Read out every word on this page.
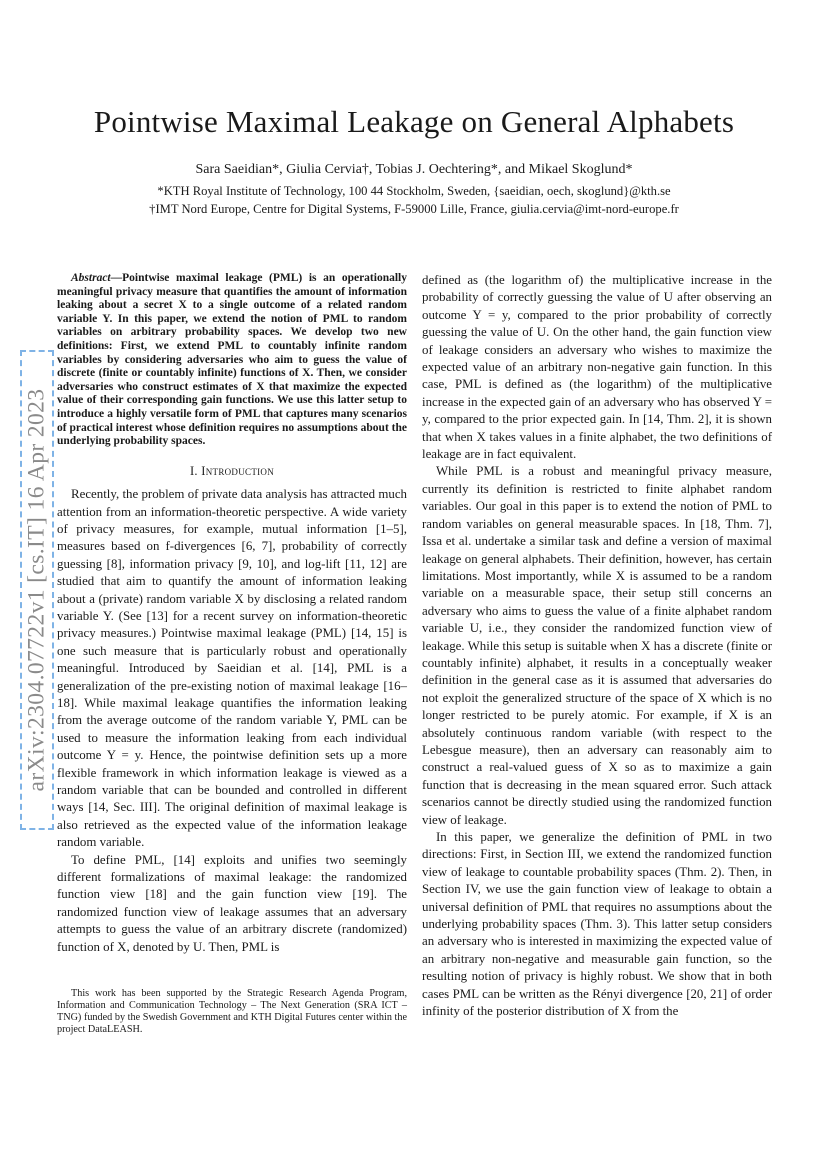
Pointwise Maximal Leakage on General Alphabets
Sara Saeidian*, Giulia Cervia†, Tobias J. Oechtering*, and Mikael Skoglund*
*KTH Royal Institute of Technology, 100 44 Stockholm, Sweden, {saeidian, oech, skoglund}@kth.se
†IMT Nord Europe, Centre for Digital Systems, F-59000 Lille, France, giulia.cervia@imt-nord-europe.fr
arXiv:2304.07722v1 [cs.IT] 16 Apr 2023
Abstract—Pointwise maximal leakage (PML) is an operationally meaningful privacy measure that quantifies the amount of information leaking about a secret X to a single outcome of a related random variable Y. In this paper, we extend the notion of PML to random variables on arbitrary probability spaces. We develop two new definitions: First, we extend PML to countably infinite random variables by considering adversaries who aim to guess the value of discrete (finite or countably infinite) functions of X. Then, we consider adversaries who construct estimates of X that maximize the expected value of their corresponding gain functions. We use this latter setup to introduce a highly versatile form of PML that captures many scenarios of practical interest whose definition requires no assumptions about the underlying probability spaces.
I. Introduction

Recently, the problem of private data analysis has attracted much attention from an information-theoretic perspective. A wide variety of privacy measures, for example, mutual information [1–5], measures based on f-divergences [6, 7], probability of correctly guessing [8], information privacy [9, 10], and log-lift [11, 12] are studied that aim to quantify the amount of information leaking about a (private) random variable X by disclosing a related random variable Y. (See [13] for a recent survey on information-theoretic privacy measures.) Pointwise maximal leakage (PML) [14, 15] is one such measure that is particularly robust and operationally meaningful. Introduced by Saeidian et al. [14], PML is a generalization of the pre-existing notion of maximal leakage [16–18]. While maximal leakage quantifies the information leaking from the average outcome of the random variable Y, PML can be used to measure the information leaking from each individual outcome Y = y. Hence, the pointwise definition sets up a more flexible framework in which information leakage is viewed as a random variable that can be bounded and controlled in different ways [14, Sec. III]. The original definition of maximal leakage is also retrieved as the expected value of the information leakage random variable.

To define PML, [14] exploits and unifies two seemingly different formalizations of maximal leakage: the randomized function view [18] and the gain function view [19]. The randomized function view of leakage assumes that an adversary attempts to guess the value of an arbitrary discrete (randomized) function of X, denoted by U. Then, PML is

This work has been supported by the Strategic Research Agenda Program, Information and Communication Technology – The Next Generation (SRA ICT – TNG) funded by the Swedish Government and KTH Digital Futures center within the project DataLEASH.

defined as (the logarithm of) the multiplicative increase in the probability of correctly guessing the value of U after observing an outcome Y = y, compared to the prior probability of correctly guessing the value of U. On the other hand, the gain function view of leakage considers an adversary who wishes to maximize the expected value of an arbitrary non-negative gain function. In this case, PML is defined as (the logarithm) of the multiplicative increase in the expected gain of an adversary who has observed Y = y, compared to the prior expected gain. In [14, Thm. 2], it is shown that when X takes values in a finite alphabet, the two definitions of leakage are in fact equivalent.

While PML is a robust and meaningful privacy measure, currently its definition is restricted to finite alphabet random variables. Our goal in this paper is to extend the notion of PML to random variables on general measurable spaces. In [18, Thm. 7], Issa et al. undertake a similar task and define a version of maximal leakage on general alphabets. Their definition, however, has certain limitations. Most importantly, while X is assumed to be a random variable on a measurable space, their setup still concerns an adversary who aims to guess the value of a finite alphabet random variable U, i.e., they consider the randomized function view of leakage. While this setup is suitable when X has a discrete (finite or countably infinite) alphabet, it results in a conceptually weaker definition in the general case as it is assumed that adversaries do not exploit the generalized structure of the space of X which is no longer restricted to be purely atomic. For example, if X is an absolutely continuous random variable (with respect to the Lebesgue measure), then an adversary can reasonably aim to construct a real-valued guess of X so as to maximize a gain function that is decreasing in the mean squared error. Such attack scenarios cannot be directly studied using the randomized function view of leakage.

In this paper, we generalize the definition of PML in two directions: First, in Section III, we extend the randomized function view of leakage to countable probability spaces (Thm. 2). Then, in Section IV, we use the gain function view of leakage to obtain a universal definition of PML that requires no assumptions about the underlying probability spaces (Thm. 3). This latter setup considers an adversary who is interested in maximizing the expected value of an arbitrary non-negative and measurable gain function, so the resulting notion of privacy is highly robust. We show that in both cases PML can be written as the Rényi divergence [20, 21] of order infinity of the posterior distribution of X from the
